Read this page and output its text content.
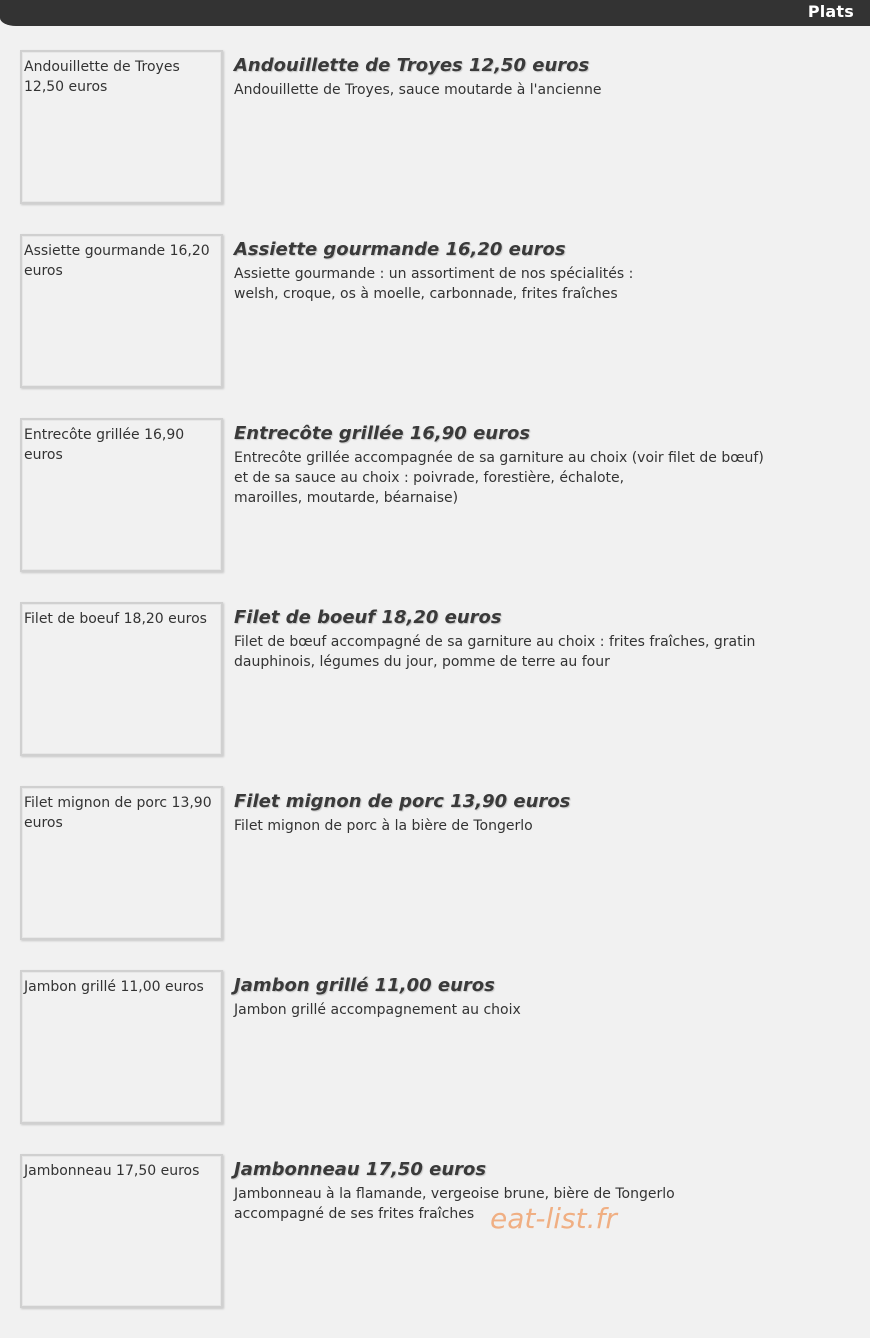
Plats
Andouillette de Troyes 12,50 euros
Andouillette de Troyes 12,50 euros
Andouillette de Troyes, sauce moutarde à l'ancienne
Assiette gourmande 16,20 euros
Assiette gourmande 16,20 euros
Assiette gourmande : un assortiment de nos spécialités :
welsh, croque, os à moelle, carbonnade, frites fraîches
Entrecôte grillée 16,90 euros
Entrecôte grillée 16,90 euros
Entrecôte grillée accompagnée de sa garniture au choix (voir filet de bœuf)
et de sa sauce au choix : poivrade, forestière, échalote,
maroilles, moutarde, béarnaise)
Filet de boeuf 18,20 euros	Filet de boeuf 18,20 euros
Filet de bœuf accompagné de sa garniture au choix : frites fraîches, gratin
dauphinois, légumes du jour, pomme de terre au four
Filet mignon de porc 13,90 euros
Filet mignon de porc 13,90 euros
Filet mignon de porc à la bière de Tongerlo
Jambon grillé 11,00 euros	Jambon grillé 11,00 euros
Jambon grillé accompagnement au choix
Jambonneau 17,50 euros	Jambonneau 17,50 euros
Jambonneau à la flamande, vergeoise brune, bière de Tongerlo
accompagné de ses frites fraîches eat-list.fr
